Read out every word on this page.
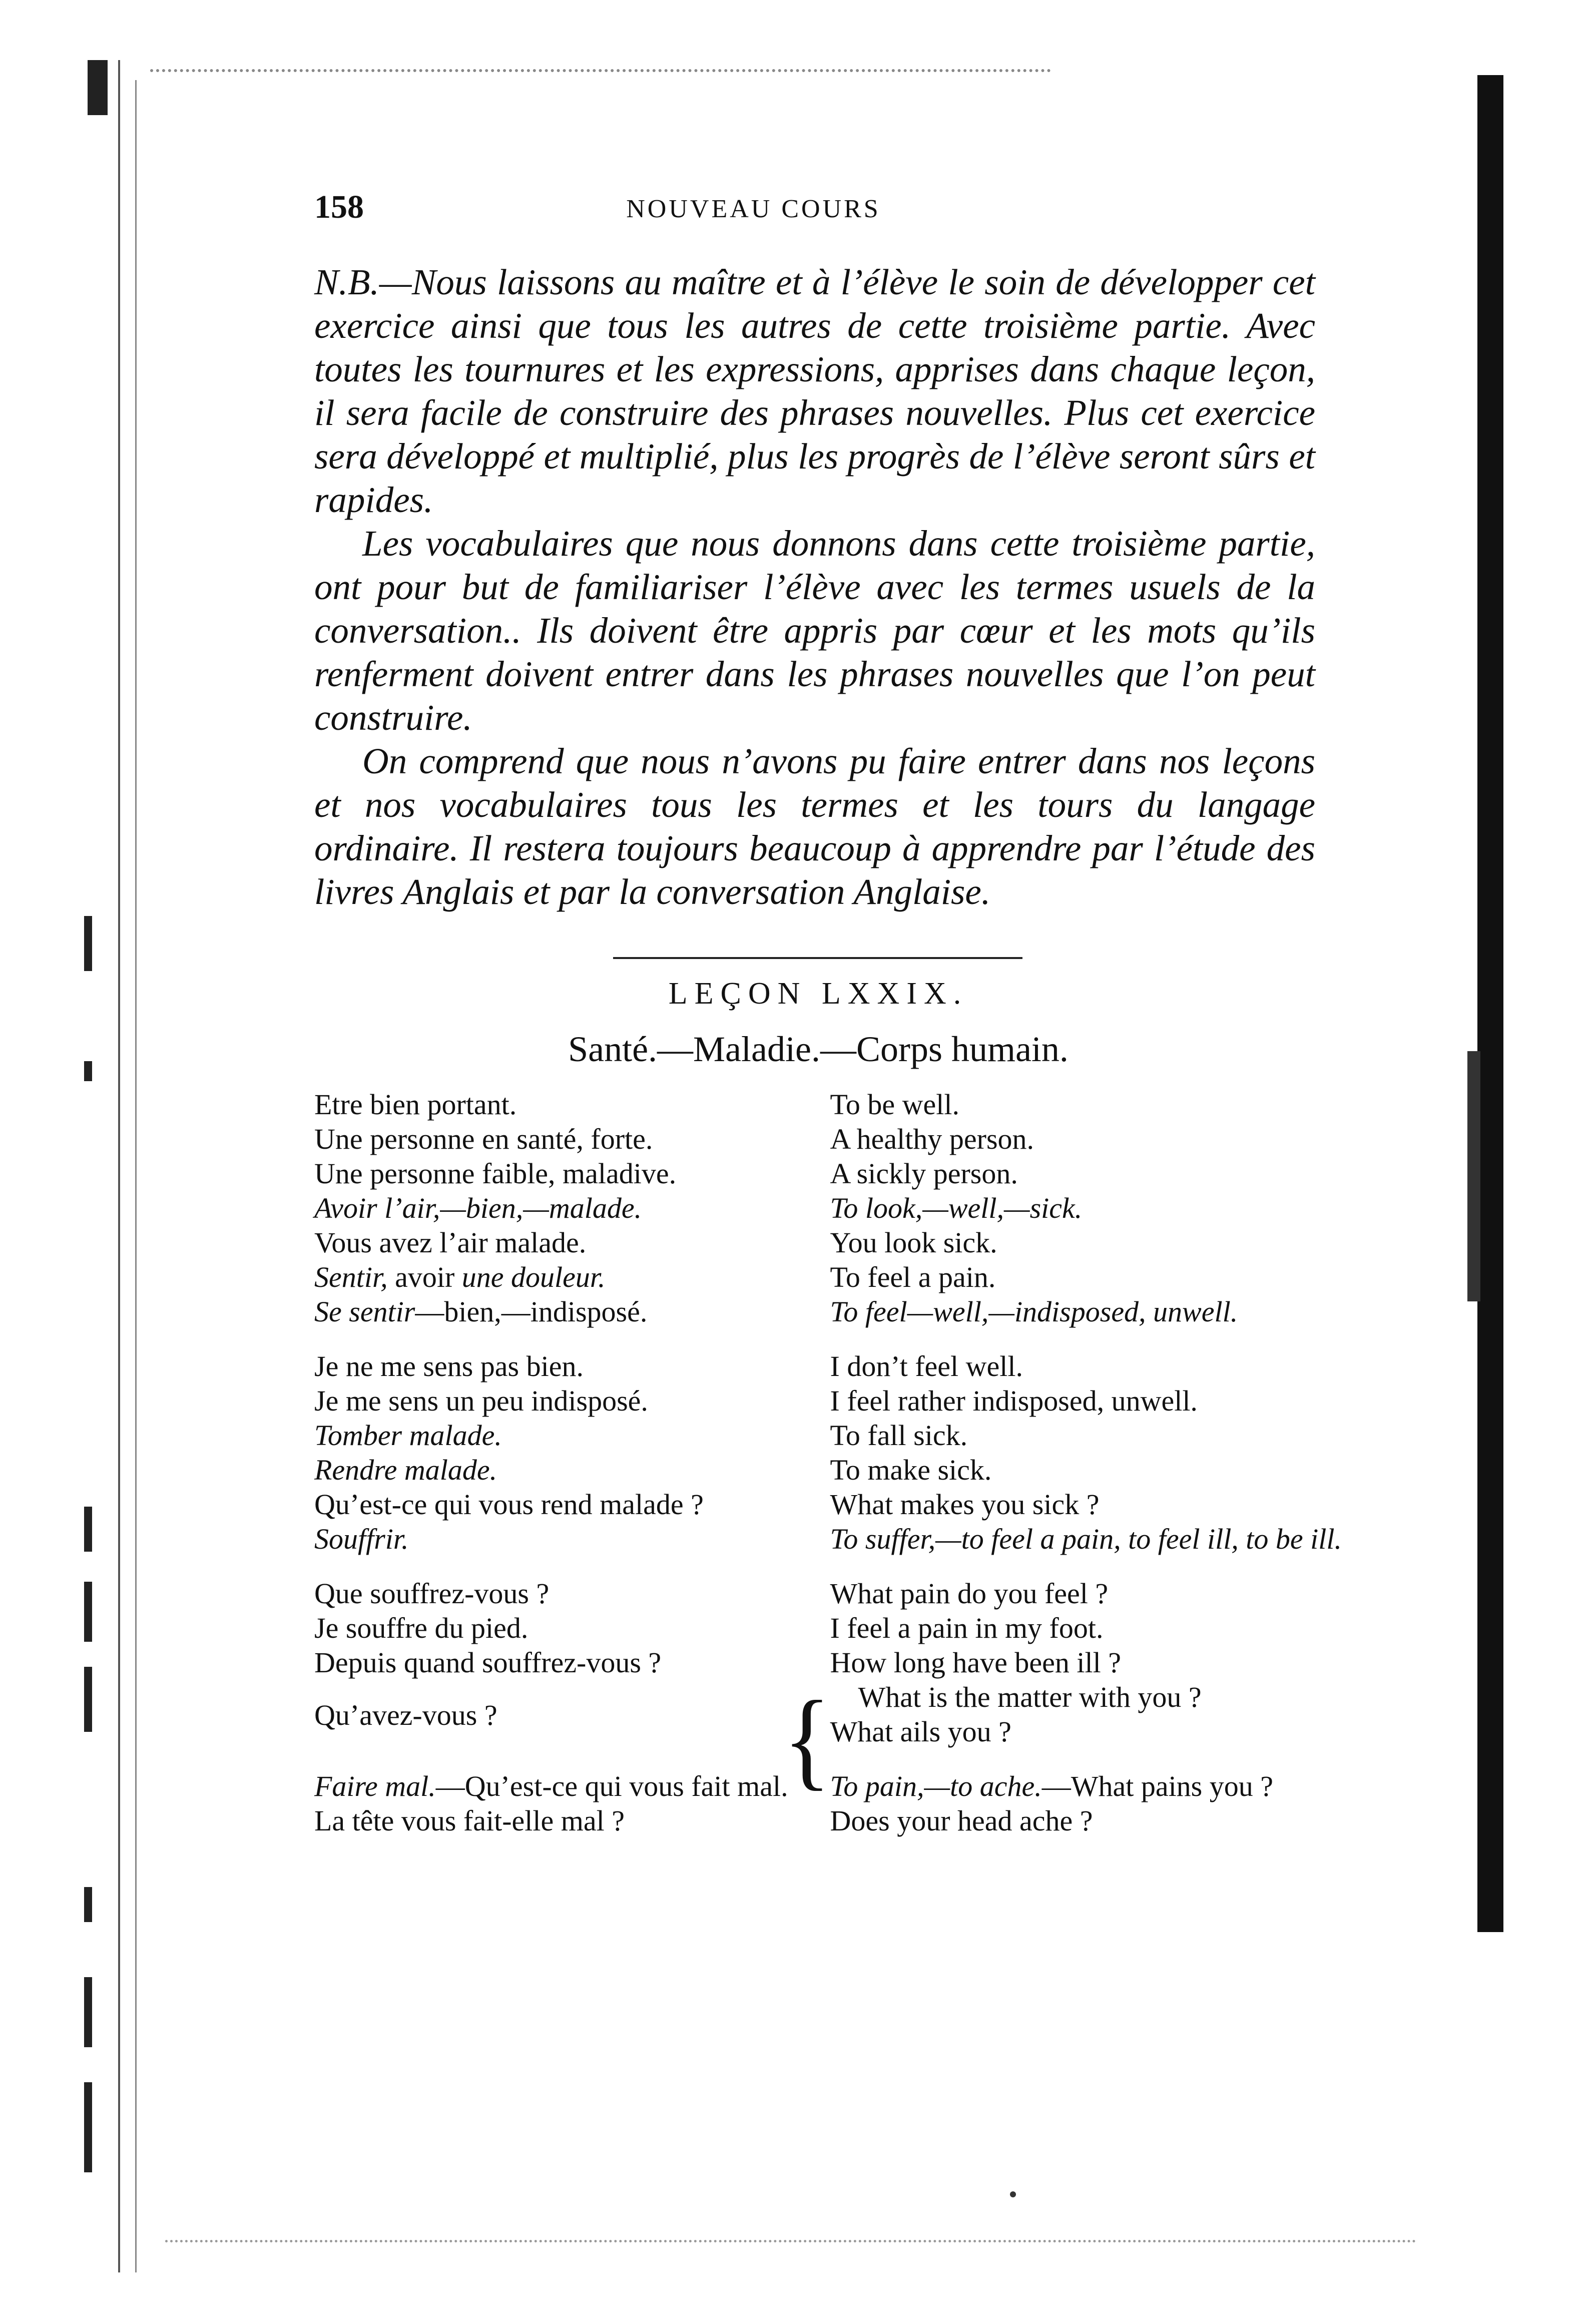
158	NOUVEAU COURS

N.B.—Nous laissons au maître et à l’élève le soin de développer cet exercice ainsi que tous les autres de cette troisième partie. Avec toutes les tournures et les expressions, apprises dans chaque leçon, il sera facile de construire des phrases nouvelles. Plus cet exercice sera développé et multiplié, plus les progrès de l’élève seront sûrs et rapides.

Les vocabulaires que nous donnons dans cette troisième partie, ont pour but de familiariser l’élève avec les termes usuels de la conversation.. Ils doivent être appris par cœur et les mots qu’ils renferment doivent entrer dans les phrases nouvelles que l’on peut construire.

On comprend que nous n’avons pu faire entrer dans nos leçons et nos vocabulaires tous les termes et les tours du langage ordinaire. Il restera toujours beaucoup à apprendre par l’étude des livres Anglais et par la conversation Anglaise.

LEÇON LXXIX.
Santé.—Maladie.—Corps humain.
Etre bien portant.	To be well.
Une personne en santé, forte.	A healthy person.
Une personne faible, maladive.	A sickly person.
Avoir l’air,—bien,—malade.	To look,—well,—sick.
Vous avez l’air malade.	You look sick.
Sentir, avoir une douleur.	To feel a pain.
Se sentir—bien,—indisposé.	To feel—well,—indisposed, unwell.
Je ne me sens pas bien.	I don’t feel well.
Je me sens un peu indisposé.	I feel rather indisposed, unwell.
Tomber malade.	To fall sick.
Rendre malade.	To make sick.
Qu’est-ce qui vous rend malade ?	What makes you sick ?
Souffrir.	To suffer,—to feel a pain, to feel ill, to be ill.
Que souffrez-vous ?	What pain do you feel ?
Je souffre du pied.	I feel a pain in my foot.
Depuis quand souffrez-vous ?	How long have been ill ?
Qu’avez-vous ?	{ What is the matter with you ?
What ails you ?
Faire mal.—Qu’est-ce qui vous fait mal.	To pain,—to ache.—What pains you ?
La tête vous fait-elle mal ?	Does your head ache ?
